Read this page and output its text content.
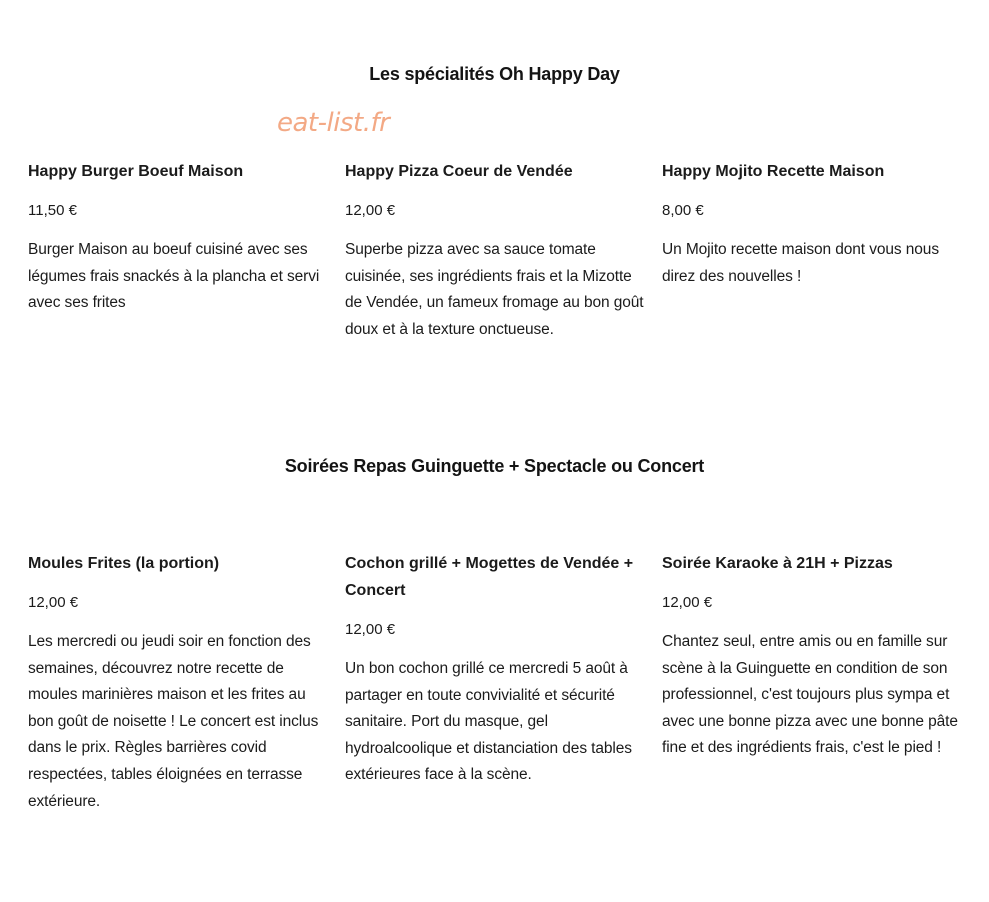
Les spécialités Oh Happy Day
eat-list.fr
Happy Burger Boeuf Maison
11,50 €

Burger Maison au boeuf cuisiné avec ses légumes frais snackés à la plancha et servi avec ses frites

Happy Pizza Coeur de Vendée
12,00 €

Superbe pizza avec sa sauce tomate cuisinée, ses ingrédients frais et la Mizotte de Vendée, un fameux fromage au bon goût doux et à la texture onctueuse.

Happy Mojito Recette Maison
8,00 €

Un Mojito recette maison dont vous nous direz des nouvelles !

Soirées Repas Guinguette + Spectacle ou Concert
Moules Frites (la portion)
12,00 €

Les mercredi ou jeudi soir en fonction des semaines, découvrez notre recette de moules marinières maison et les frites au bon goût de noisette ! Le concert est inclus dans le prix. Règles barrières covid respectées, tables éloignées en terrasse extérieure.

Cochon grillé + Mogettes de Vendée + Concert
12,00 €

Un bon cochon grillé ce mercredi 5 août à partager en toute convivialité et sécurité sanitaire. Port du masque, gel hydroalcoolique et distanciation des tables extérieures face à la scène.

Soirée Karaoke à 21H + Pizzas
12,00 €

Chantez seul, entre amis ou en famille sur scène à la Guinguette en condition de son professionnel, c'est toujours plus sympa et avec une bonne pizza avec une bonne pâte fine et des ingrédients frais, c'est le pied !
